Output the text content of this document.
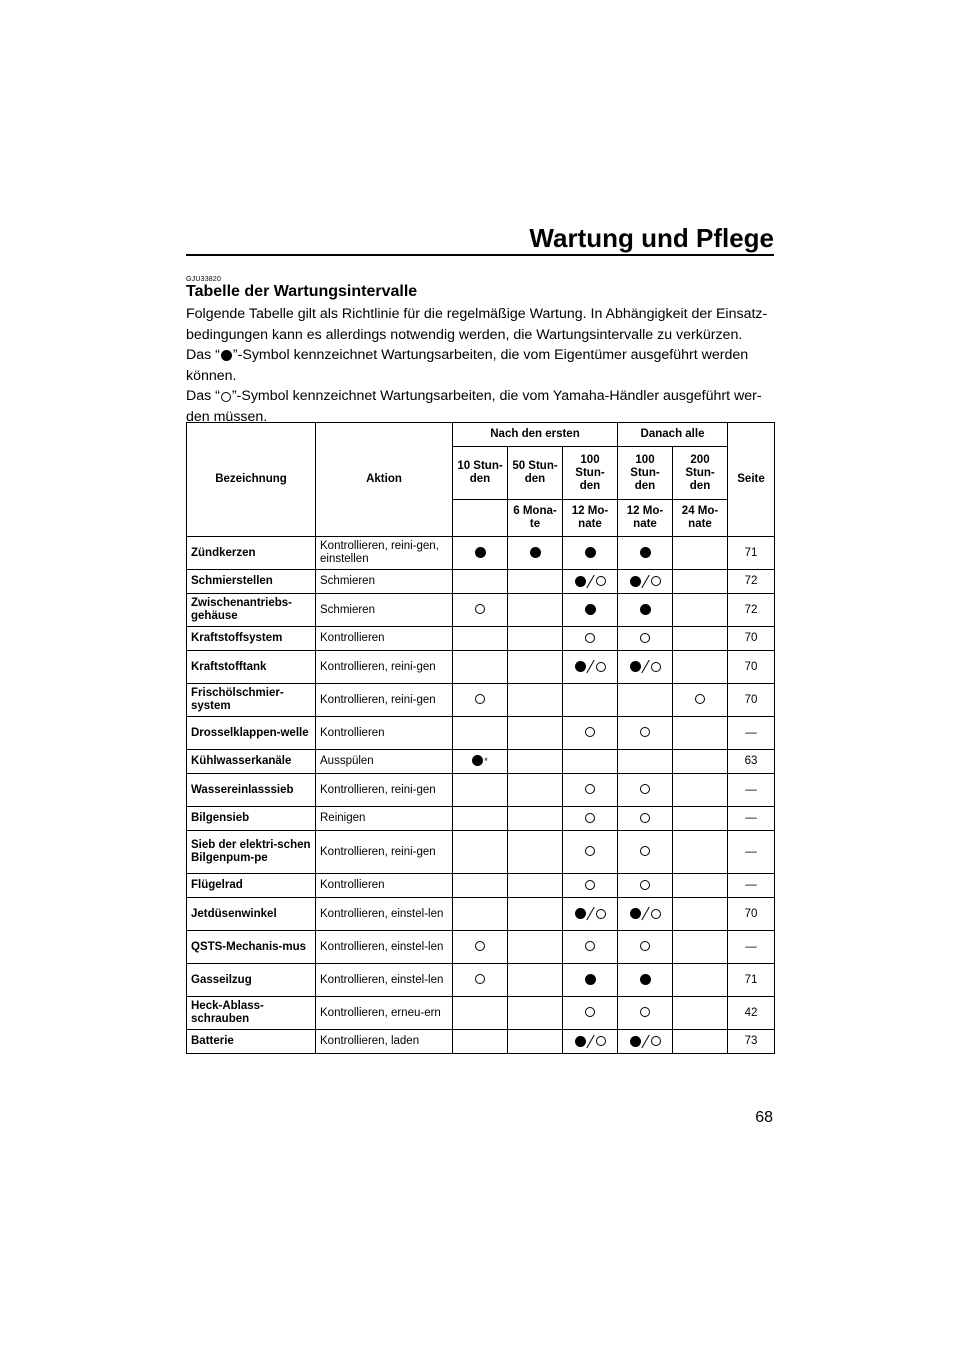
Wartung und Pflege
GJU33820
Tabelle der Wartungsintervalle

Folgende Tabelle gilt als Richtlinie für die regelmäßige Wartung. In Abhängigkeit der Einsatz-bedingungen kann es allerdings notwendig werden, die Wartungsintervalle zu verkürzen.

Das “ ”-Symbol kennzeichnet Wartungsarbeiten, die vom Eigentümer ausgeführt werden können.

Das “ ”-Symbol kennzeichnet Wartungsarbeiten, die vom Yamaha-Händler ausgeführt wer-den müssen.

Bezeichnung	Aktion	Nach den ersten			Danach alle		Seite
		10 Stun- den	50 Stun- den	100 Stun- den	100 Stun- den	200 Stun- den	
			6 Mona- te	12 Mo- nate	12 Mo- nate	24 Mo- nate	
Zündkerzen	Kontrollieren, reini-gen, einstellen						71
Schmierstellen	Schmieren						72
Zwischenantriebs-gehäuse	Schmieren						72
Kraftstoffsystem	Kontrollieren						70
Kraftstofftank	Kontrollieren, reini-gen						70
Frischölschmier-system	Kontrollieren, reini-gen						70
Drosselklappen-welle	Kontrollieren						—
Kühlwasserkanäle	Ausspülen	*					63
Wassereinlasssieb	Kontrollieren, reini-gen						—
Bilgensieb	Reinigen						—
Sieb der elektri-schen Bilgenpum-pe	Kontrollieren, reini-gen						—
Flügelrad	Kontrollieren						—
Jetdüsenwinkel	Kontrollieren, einstel-len						70
QSTS-Mechanis-mus	Kontrollieren, einstel-len						—
Gasseilzug	Kontrollieren, einstel-len						71
Heck-Ablass-schrauben	Kontrollieren, erneu-ern						42
Batterie	Kontrollieren, laden						73
68
